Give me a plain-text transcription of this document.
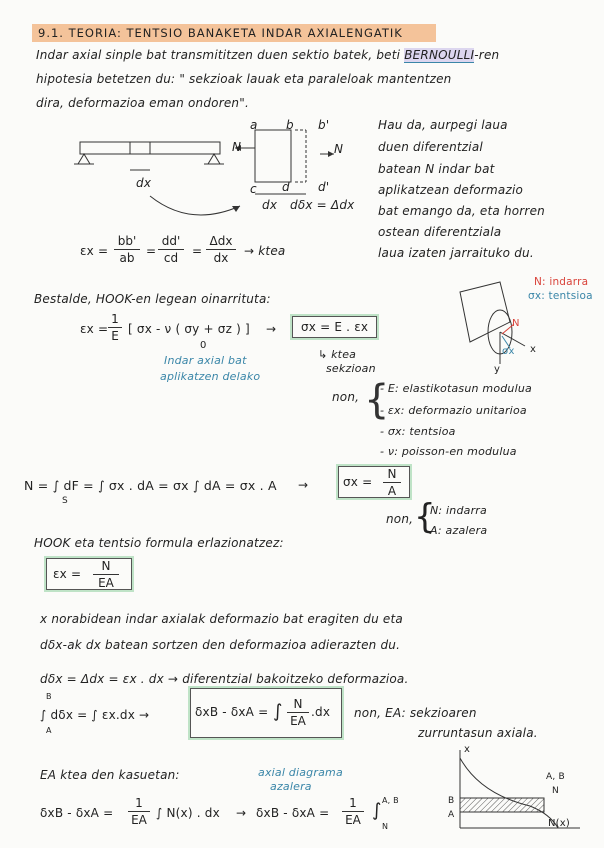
9.1. TEORIA: TENTSIO BANAKETA INDAR AXIALENGATIK
Indar axial sinple bat transmititzen duen sektio batek, beti BERNOULLI-ren
hipotesia betetzen du: " sekzioak lauak eta paraleloak mantentzen
dira, deformazioa eman ondoren".
a b b'
N	N
c d d'
dx
dx dδx = Δdx
Hau da, aurpegi laua
duen diferentzial
batean N indar bat
aplikatzean deformazio
bat emango da, eta horren
ostean diferentziala
laua izaten jarraituko du.
εx =
bb'
ab =
dd'
cd	=
Δdx
dx	→ ktea
Bestalde, HOOK-en legean oinarrituta:
N: indarra
σx: tentsioa
N
σx x
y
εx =
1
E [ σx - ν ( σy + σz ) ] →	σx = E . εx
0
Indar axial bat
aplikatzen delako
↳ ktea
sekzioan
non, {
- E: elastikotasun modulua
- εx: deformazio unitarioa
- σx: tentsioa
- ν: poisson-en modulua
N = ∫ dF = ∫ σx . dA = σx ∫ dA = σx . A →	σx =
N
A
S
non, {
N: indarra
A: azalera
HOOK eta tentsio formula erlazionatzez:
εx =
N
EA
x norabidean indar axialak deformazio bat eragiten du eta
dδx-ak dx batean sortzen den deformazioa adierazten du.
dδx = Δdx = εx . dx → diferentzial bakoitzeko deformazioa.
∫ dδx = ∫ εx.dx →
B
A
δxB - δxA = ∫ N
EA
.dx non, EA: sekzioaren
zurruntasun axiala.
EA ktea den kasuetan:	axial diagrama
azalera
δxB - δxA =
1
EA ∫ N(x) . dx → δxB - δxA =
1
EA ∫
N
A, B
x
B
A
N(x)
A, B
N
